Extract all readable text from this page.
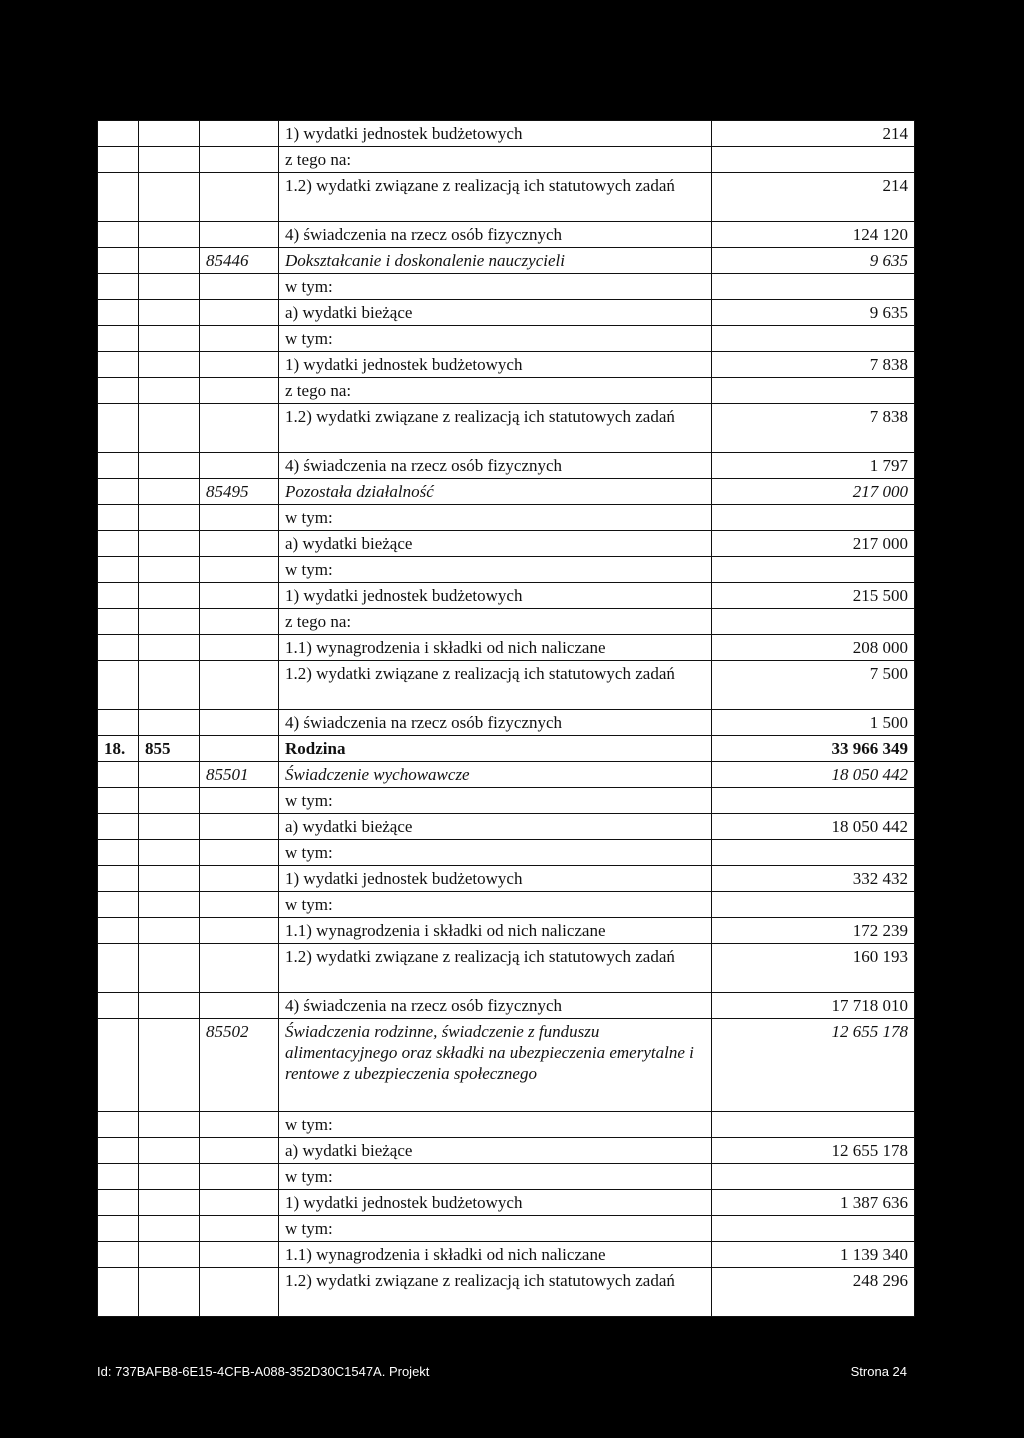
			1) wydatki jednostek budżetowych	214
			z tego na:	
			1.2) wydatki związane z realizacją ich statutowych zadań	214
			4) świadczenia na rzecz osób fizycznych	124 120
		85446	Dokształcanie i doskonalenie nauczycieli	9 635
			w tym:	
			a) wydatki bieżące	9 635
			w tym:	
			1) wydatki jednostek budżetowych	7 838
			z tego na:	
			1.2) wydatki związane z realizacją ich statutowych zadań	7 838
			4) świadczenia na rzecz osób fizycznych	1 797
		85495	Pozostała działalność	217 000
			w tym:	
			a) wydatki bieżące	217 000
			w tym:	
			1) wydatki jednostek budżetowych	215 500
			z tego na:	
			1.1) wynagrodzenia i składki od nich naliczane	208 000
			1.2) wydatki związane z realizacją ich statutowych zadań	7 500
			4) świadczenia na rzecz osób fizycznych	1 500
18.	855		Rodzina	33 966 349
		85501	Świadczenie wychowawcze	18 050 442
			w tym:	
			a) wydatki bieżące	18 050 442
			w tym:	
			1) wydatki jednostek budżetowych	332 432
			w tym:	
			1.1) wynagrodzenia i składki od nich naliczane	172 239
			1.2) wydatki związane z realizacją ich statutowych zadań	160 193
			4) świadczenia na rzecz osób fizycznych	17 718 010
		85502	Świadczenia rodzinne, świadczenie z funduszu alimentacyjnego oraz składki na ubezpieczenia emerytalne i rentowe z ubezpieczenia społecznego	12 655 178
			w tym:	
			a) wydatki bieżące	12 655 178
			w tym:	
			1) wydatki jednostek budżetowych	1 387 636
			w tym:	
			1.1) wynagrodzenia i składki od nich naliczane	1 139 340
			1.2) wydatki związane z realizacją ich statutowych zadań	248 296
Id: 737BAFB8-6E15-4CFB-A088-352D30C1547A. Projekt	Strona 24
